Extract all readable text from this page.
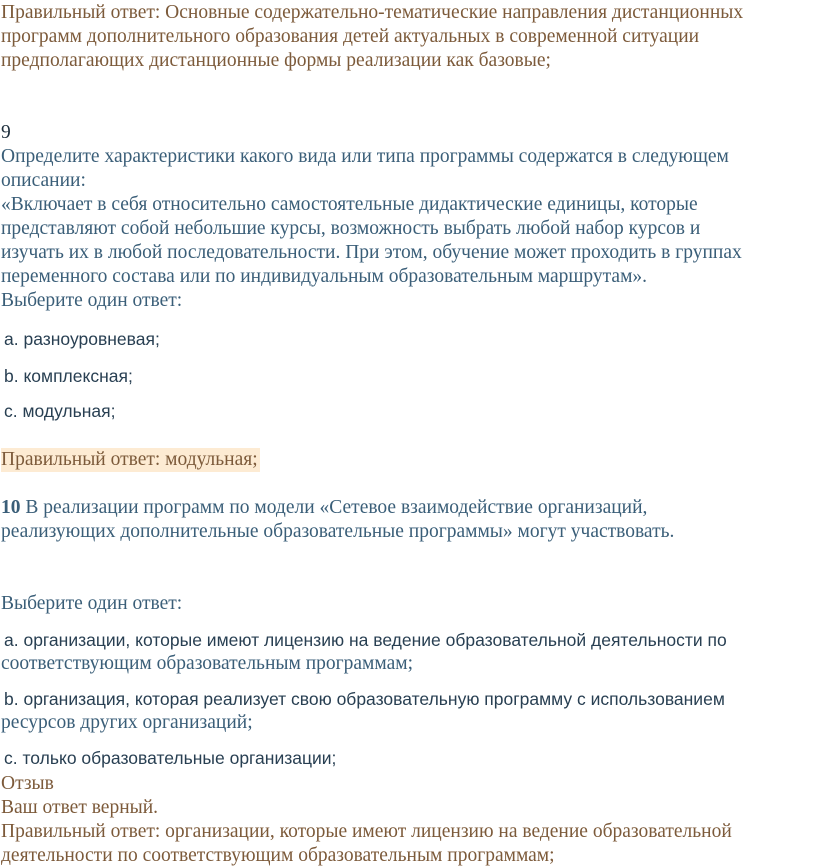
Правильный ответ: Основные содержательно-тематические направления дистанционных
программ дополнительного образования детей актуальных в современной ситуации
предполагающих дистанционные формы реализации как базовые;
9
Определите характеристики какого вида или типа программы содержатся в следующем
описании:
«Включает в себя относительно самостоятельные дидактические единицы, которые
представляют собой небольшие курсы, возможность выбрать любой набор курсов и
изучать их в любой последовательности. При этом, обучение может проходить в группах
переменного состава или по индивидуальным образовательным маршрутам».
Выберите один ответ:
a. разноуровневая;
b. комплексная;
c. модульная;
Правильный ответ: модульная;
10 В реализации программ по модели «Сетевое взаимодействие организаций,
реализующих дополнительные образовательные программы» могут участвовать.
Выберите один ответ:
a. организации, которые имеют лицензию на ведение образовательной деятельности по
соответствующим образовательным программам;
b. организация, которая реализует свою образовательную программу с использованием
ресурсов других организаций;
c. только образовательные организации;
Отзыв
Ваш ответ верный.
Правильный ответ: организации, которые имеют лицензию на ведение образовательной
деятельности по соответствующим образовательным программам;
